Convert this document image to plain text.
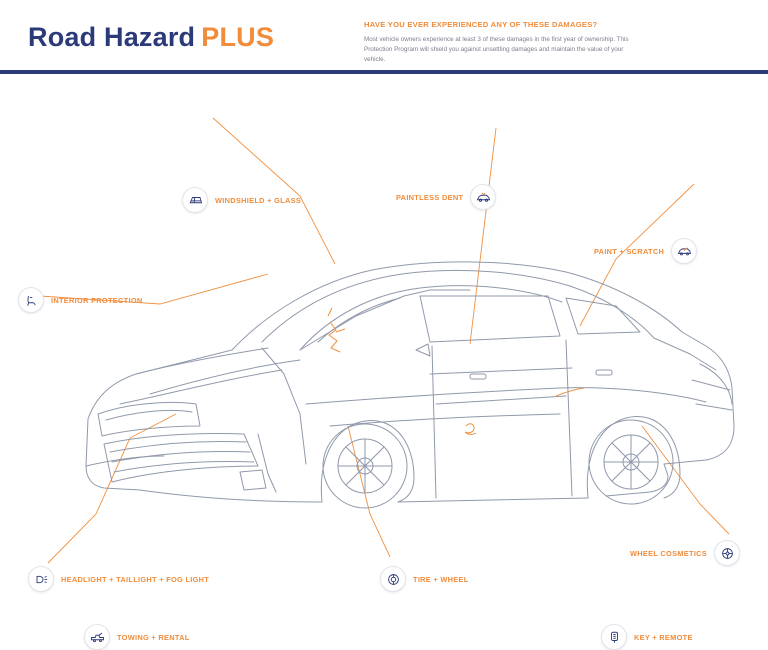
Road Hazard PLUS	HAVE YOU EVER EXPERIENCED ANY OF THESE DAMAGES?
Most vehicle owners experience at least 3 of these damages in the first year of ownership. This Protection Program will shield you against unsettling damages and maintain the value of your vehicle.
WINDSHIELD + GLASS	PAINTLESS DENT
PAINT + SCRATCH
INTERIOR PROTECTION
WHEEL COSMETICS
HEADLIGHT + TAILLIGHT + FOG LIGHT	TIRE + WHEEL
TOWING + RENTAL	KEY + REMOTE
